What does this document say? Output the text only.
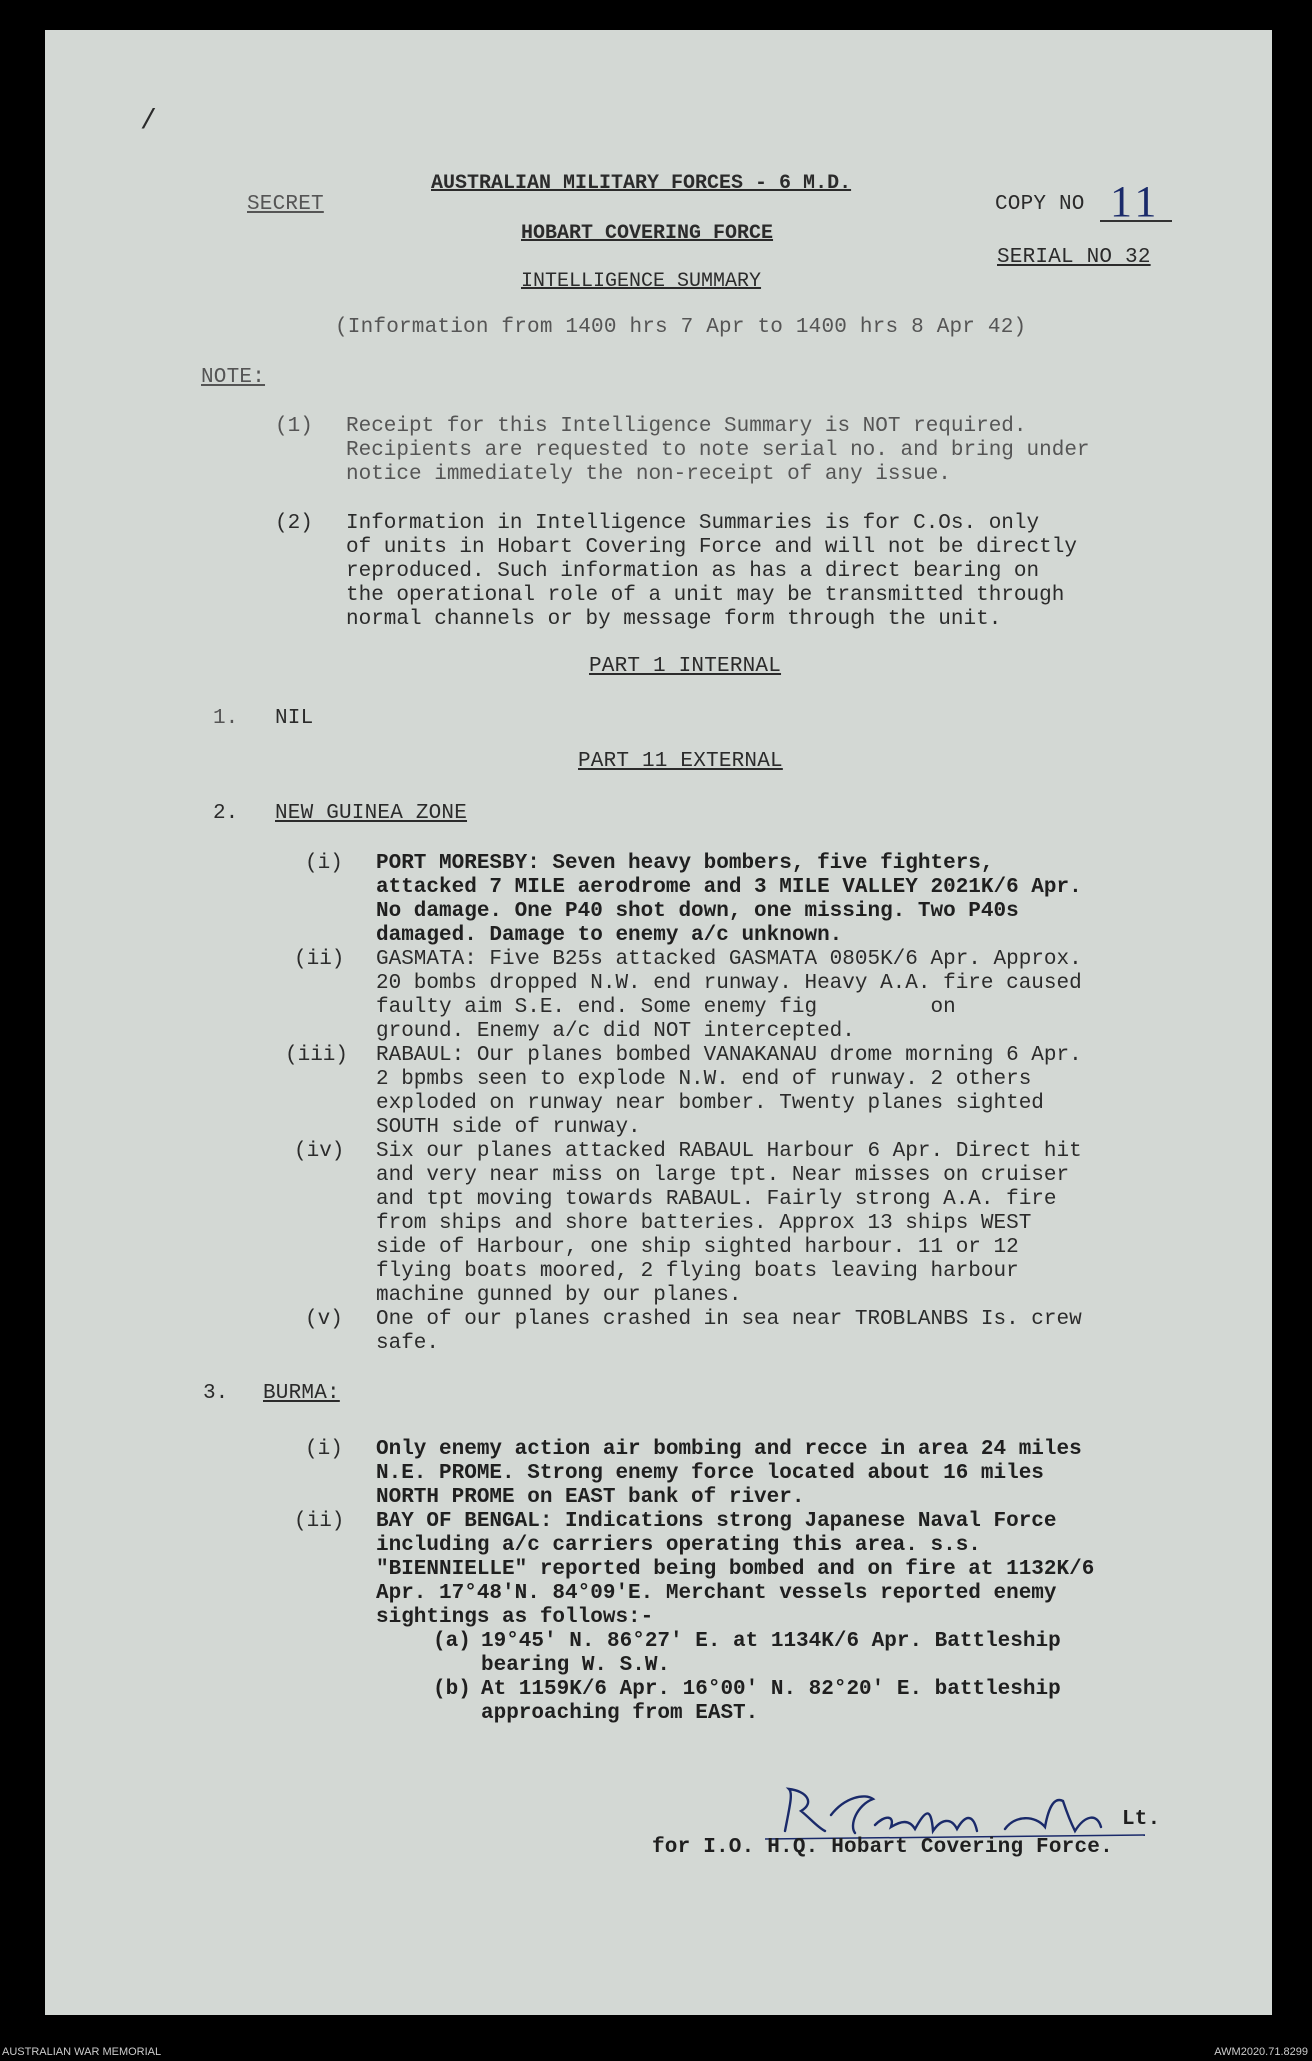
/
AUSTRALIAN MILITARY FORCES - 6 M.D.
SECRET	COPY NO 11
HOBART COVERING FORCE
SERIAL NO 32
INTELLIGENCE SUMMARY
(Information from 1400 hrs 7 Apr to 1400 hrs 8 Apr 42)
NOTE:
(1) Receipt for this Intelligence Summary is NOT required.
Recipients are requested to note serial no. and bring under
notice immediately the non-receipt of any issue.
(2) Information in Intelligence Summaries is for C.Os. only
of units in Hobart Covering Force and will not be directly
reproduced. Such information as has a direct bearing on
the operational role of a unit may be transmitted through
normal channels or by message form through the unit.
PART 1 INTERNAL
1. NIL
PART 11 EXTERNAL
2. NEW GUINEA ZONE
(i) PORT MORESBY: Seven heavy bombers, five fighters,
attacked 7 MILE aerodrome and 3 MILE VALLEY 2021K/6 Apr.
No damage. One P40 shot down, one missing. Two P40s
damaged. Damage to enemy a/c unknown.
(ii) GASMATA: Five B25s attacked GASMATA 0805K/6 Apr. Approx.
20 bombs dropped N.W. end runway. Heavy A.A. fire caused
faulty aim S.E. end. Some enemy fig         on
ground. Enemy a/c did NOT intercepted.
(iii) RABAUL: Our planes bombed VANAKANAU drome morning 6 Apr.
2 bpmbs seen to explode N.W. end of runway. 2 others
exploded on runway near bomber. Twenty planes sighted
SOUTH side of runway.
(iv) Six our planes attacked RABAUL Harbour 6 Apr. Direct hit
and very near miss on large tpt. Near misses on cruiser
and tpt moving towards RABAUL. Fairly strong A.A. fire
from ships and shore batteries. Approx 13 ships WEST
side of Harbour, one ship sighted harbour. 11 or 12
flying boats moored, 2 flying boats leaving harbour
machine gunned by our planes.
(v) One of our planes crashed in sea near TROBLANBS Is. crew
safe.
3. BURMA:
(i) Only enemy action air bombing and recce in area 24 miles
N.E. PROME. Strong enemy force located about 16 miles
NORTH PROME on EAST bank of river.
(ii) BAY OF BENGAL: Indications strong Japanese Naval Force
including a/c carriers operating this area. s.s.
"BIENNIELLE" reported being bombed and on fire at 1132K/6
Apr. 17°48'N. 84°09'E. Merchant vessels reported enemy
sightings as follows:-
(a) 19°45' N. 86°27' E. at 1134K/6 Apr. Battleship
bearing W. S.W.
(b) At 1159K/6 Apr. 16°00' N. 82°20' E. battleship
approaching from EAST.
Lt.
for I.O. H.Q. Hobart Covering Force.
AUSTRALIAN WAR MEMORIAL	AWM2020.71.8299
